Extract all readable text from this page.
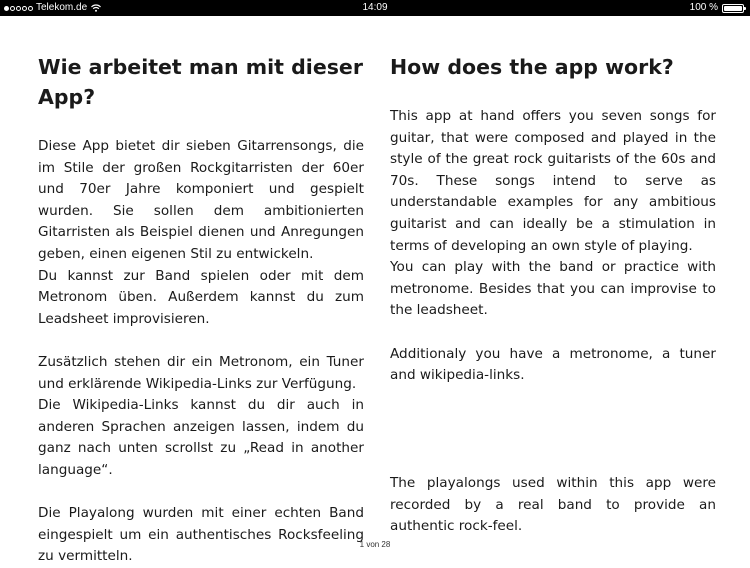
Telekom.de	14:09	100 %
Wie arbeitet man mit dieser App?

Diese App bietet dir sieben Gitarrensongs, die im Stile der großen Rockgitarristen der 60er und 70er Jahre komponiert und gespielt wurden. Sie sollen dem ambitionierten Gitarristen als Beispiel dienen und Anregungen geben, einen eigenen Stil zu entwickeln.

Du kannst zur Band spielen oder mit dem Metronom üben. Außerdem kannst du zum Leadsheet improvisieren.

Zusätzlich stehen dir ein Metronom, ein Tuner und erklärende Wikipedia-Links zur Verfügung.

Die Wikipedia-Links kannst du dir auch in anderen Sprachen anzeigen lassen, indem du ganz nach unten scrollst zu „Read in another language“.

Die Playalong wurden mit einer echten Band eingespielt um ein authentisches Rocksfeeling zu vermitteln.

How does the app work?

This app at hand offers you seven songs for guitar, that were composed and played in the style of the great rock guitarists of the 60s and 70s. These songs intend to serve as understandable examples for any ambitious guitarist and can ideally be a stimulation in terms of developing an own style of playing.

You can play with the band or practice with metronome. Besides that you can improvise to the leadsheet.

Additionaly you have a metronome, a tuner and wikipedia-links.

The playalongs used within this app were recorded by a real band to provide an authentic rock-feel.

1 von 28
